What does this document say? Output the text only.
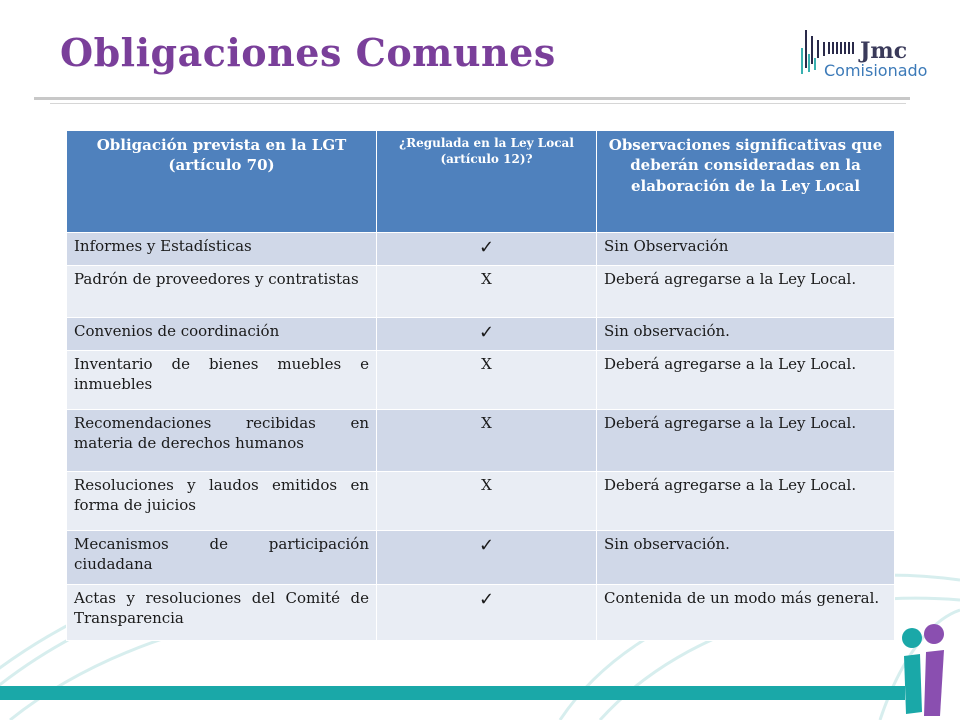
Obligaciones Comunes	Jmc
Comisionado
Obligación prevista en la LGT (artículo 70)	¿Regulada en la Ley Local (artículo 12)?	Observaciones significativas que deberán consideradas en la elaboración de la Ley Local
Informes y Estadísticas	✓	Sin Observación
Padrón de proveedores y contratistas	X	Deberá agregarse a la Ley Local.
Convenios de coordinación	✓	Sin observación.
Inventario de bienes muebles e inmuebles	X	Deberá agregarse a la Ley Local.
Recomendaciones recibidas en materia de derechos humanos	X	Deberá agregarse a la Ley Local.
Resoluciones y laudos emitidos en forma de juicios	X	Deberá agregarse a la Ley Local.
Mecanismos de participación ciudadana	✓	Sin observación.
Actas y resoluciones del Comité de Transparencia	✓	Contenida de un modo más general.
